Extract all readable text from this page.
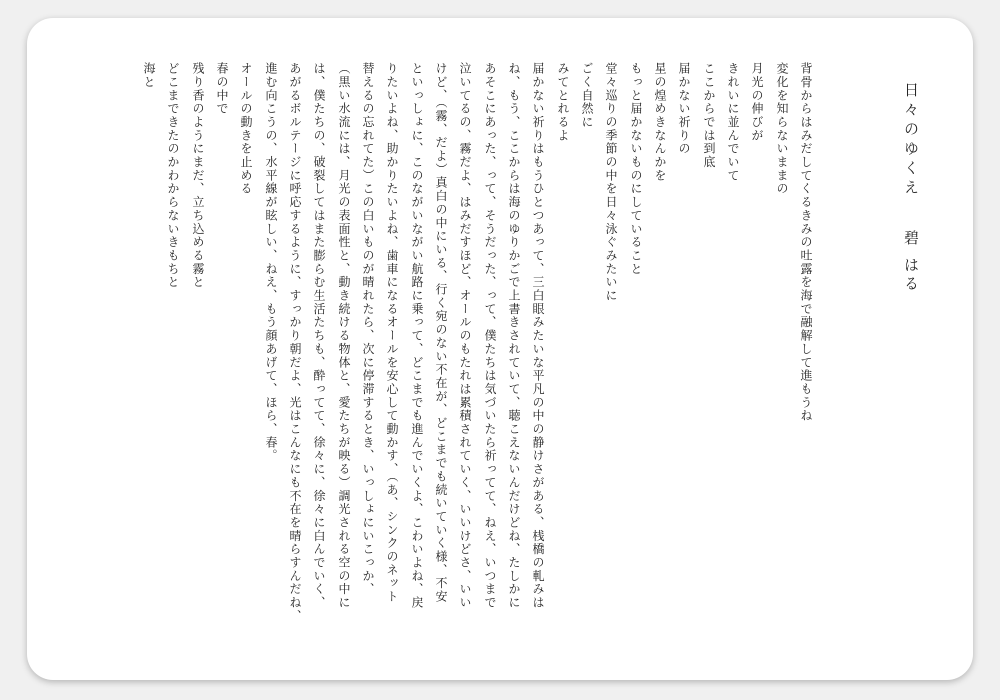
日々のゆくえ
碧 はる
背骨からはみだしてくるきみの吐露を海で融解して進もうね
変化を知らないままの
月光の伸びが
きれいに並んでいて
ここからでは到底
届かない祈りの
星の煌めきなんかを
もっと届かないものにしていること
堂々巡りの季節の中を日々泳ぐみたいに
ごく自然に
みてとれるよ
届かない祈りはもうひとつあって、三白眼みたいな平凡の中の静けさがある、桟橋の軋みは
ね、もう、ここからは海のゆりかごで上書きされていて、聴こえないんだけどね、たしかに
あそこにあった、って、そうだった、って、僕たちは気づいたら祈ってて、ねえ、いつまで
泣いてるの、霧だよ、はみだすほど、オールのもたれは累積されていく、いいけどさ、いい
けど、（霧、だよ）真白の中にいる、行く宛のない不在が、どこまでも続いていく様、不安
といっしょに、このながいながい航路に乗って、どこまでも進んでいくよ、こわいよね、戻
りたいよね、助かりたいよね、歯車になるオールを安心して動かす、（あ、シンクのネット
替えるの忘れてた）この白いものが晴れたら、次に停滞するとき、いっしょにいこっか、
（黒い水流には、月光の表面性と、動き続ける物体と、愛たちが映る）調光される空の中に
は、僕たちの、破裂してはまた膨らむ生活たちも、酔ってて、徐々に、徐々に白んでいく、
あがるボルテージに呼応するように、すっかり朝だよ、光はこんなにも不在を晴らすんだね、
進む向こうの、水平線が眩しい、ねえ、もう顔あげて、ほら、春。
オールの動きを止める
春の中で
残り香のようにまだ、立ち込める霧と
どこまできたのかわからないきもちと
海と
